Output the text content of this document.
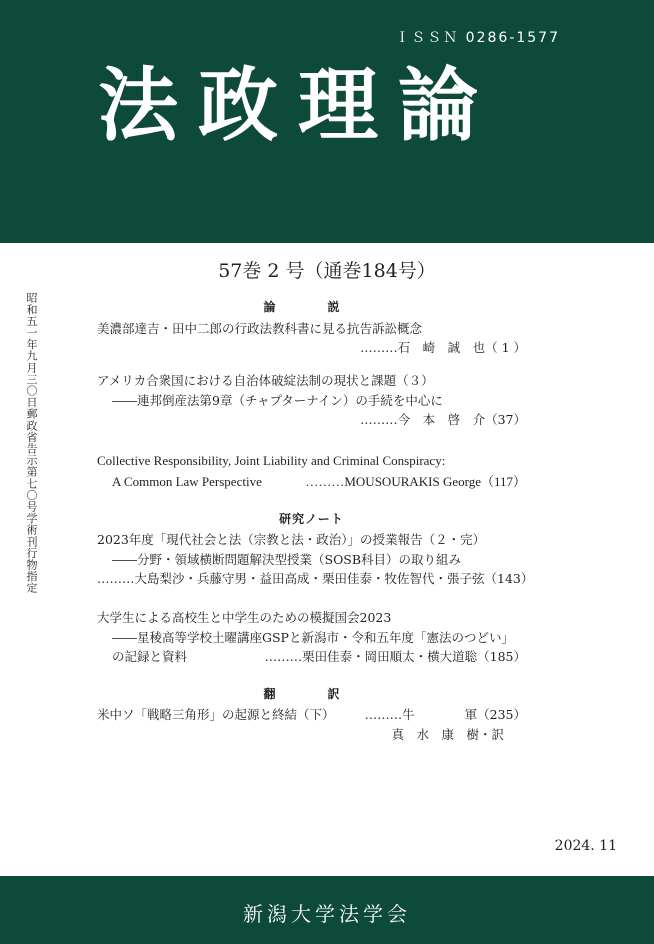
ＩＳＳＮ 0286-1577
法政理論
57巻 2 号（通巻184号）
昭和五一年九月三〇日郵政省告示第七〇号学術刊行物指定	論　説
美濃部達吉・田中二郎の行政法教科書に見る抗告訴訟概念
………石　崎　誠　也（ 1 ）
アメリカ合衆国における自治体破綻法制の現状と課題（３）
――連邦倒産法第9章（チャプターナイン）の手続を中心に
………今　本　啓　介（37）
Collective Responsibility, Joint Liability and Criminal Conspiracy:
A Common Law Perspective	………MOUSOURAKIS George（117）
研究ノート
2023年度「現代社会と法（宗教と法・政治）」の授業報告（２・完）
――分野・領域横断問題解決型授業（SOSB科目）の取り組み
………大島梨沙・兵藤守男・益田高成・栗田佳泰・牧佐智代・張子弦（143）
大学生による高校生と中学生のための模擬国会2023
――星稜高等学校土曜講座GSPと新潟市・令和五年度「憲法のつどい」
の記録と資料	………栗田佳泰・岡田順太・横大道聡（185）
翻　訳
米中ソ「戦略三角形」の起源と終結（下） ………牛　　　　軍（235）
真　水　康　樹・訳
2024. 11
新潟大学法学会
